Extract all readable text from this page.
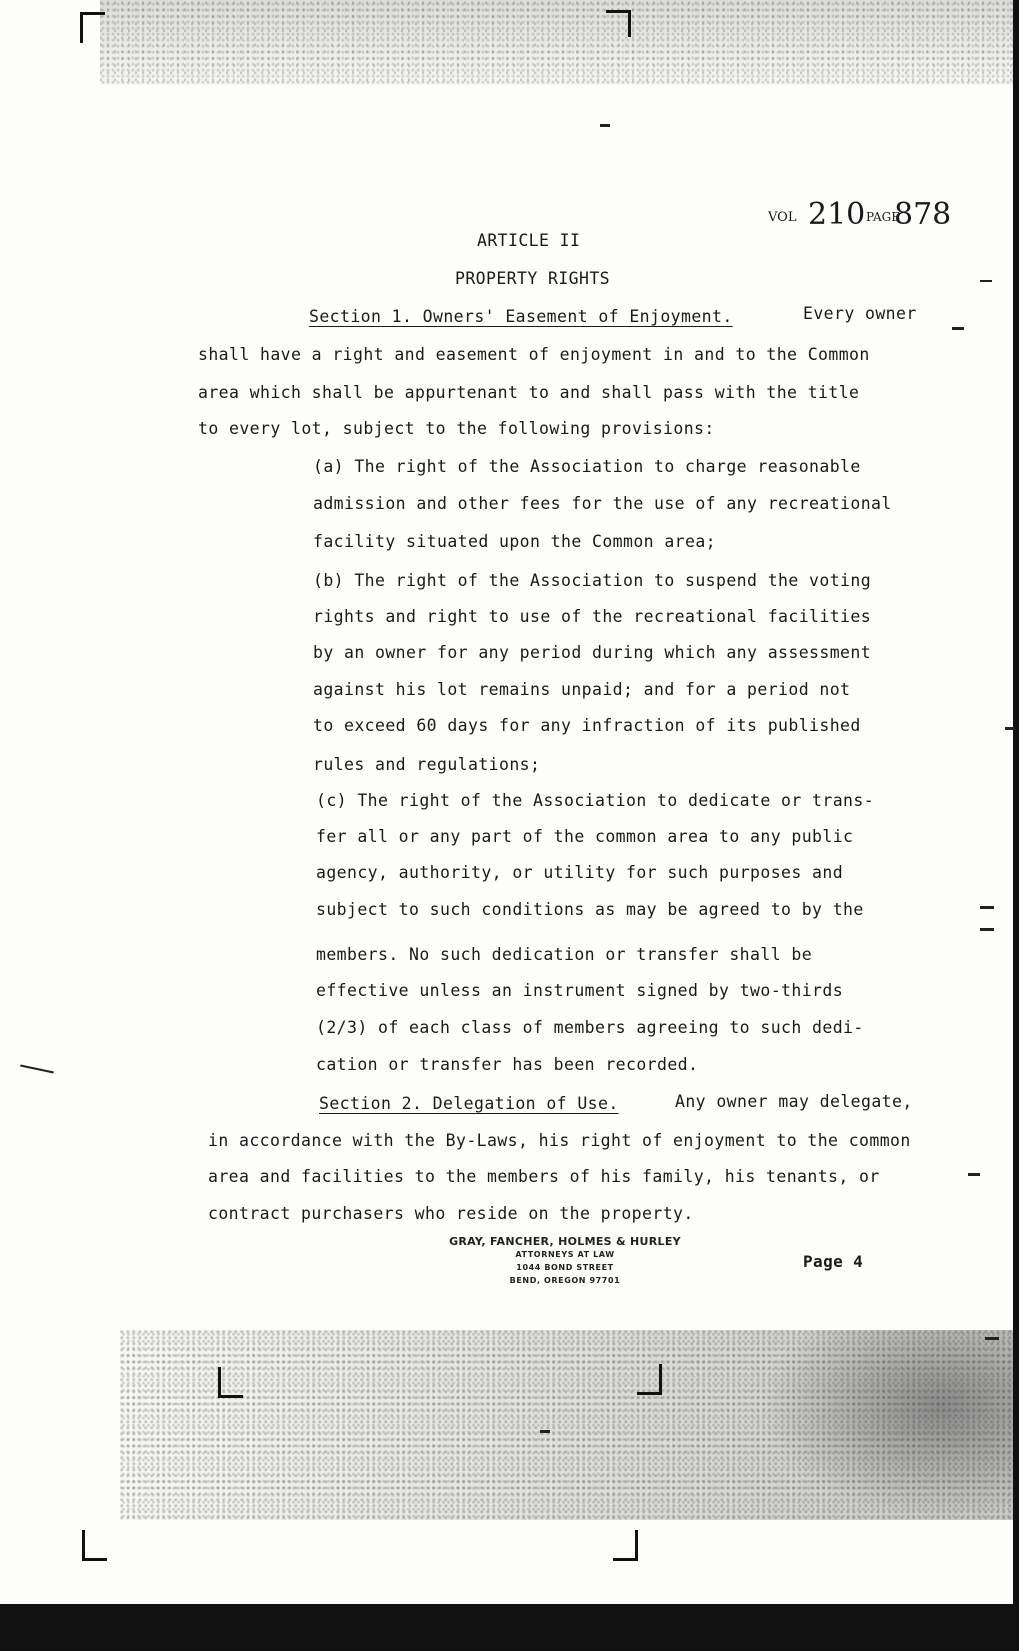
VOL 210 PAGE
878
ARTICLE II
PROPERTY RIGHTS
Section 1. Owners' Easement of Enjoyment.	Every owner
shall have a right and easement of enjoyment in and to the Common
area which shall be appurtenant to and shall pass with the title
to every lot, subject to the following provisions:
(a) The right of the Association to charge reasonable
admission and other fees for the use of any recreational
facility situated upon the Common area;
(b) The right of the Association to suspend the voting
rights and right to use of the recreational facilities
by an owner for any period during which any assessment
against his lot remains unpaid; and for a period not
to exceed 60 days for any infraction of its published
rules and regulations;
(c) The right of the Association to dedicate or trans-
fer all or any part of the common area to any public
agency, authority, or utility for such purposes and
subject to such conditions as may be agreed to by the
members. No such dedication or transfer shall be
effective unless an instrument signed by two-thirds
(2/3) of each class of members agreeing to such dedi-
cation or transfer has been recorded.
Section 2. Delegation of Use.	Any owner may delegate,
in accordance with the By-Laws, his right of enjoyment to the common
area and facilities to the members of his family, his tenants, or
contract purchasers who reside on the property.
GRAY, FANCHER, HOLMES & HURLEY
ATTORNEYS AT LAW
1044 BOND STREET
BEND, OREGON 97701
Page 4
